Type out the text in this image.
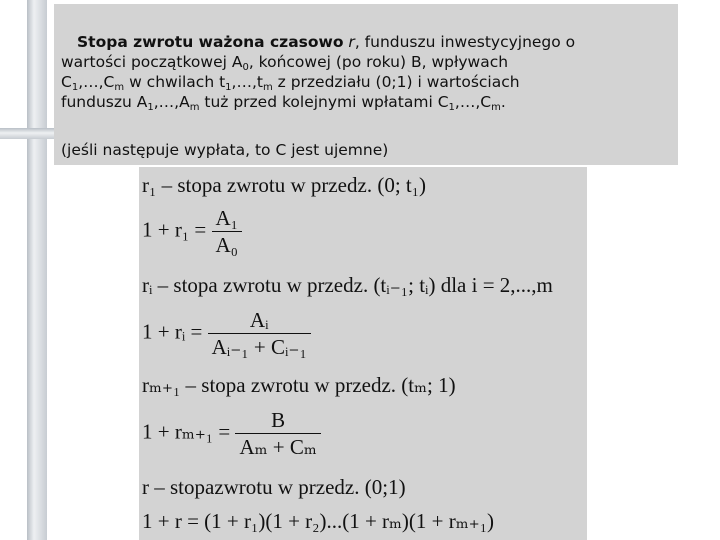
Stopa zwrotu ważona czasowo r, funduszu inwestycyjnego o
wartości początkowej $A_0$, końcowej (po roku) B, wpływach
$C_1,\dots,C_m$ w chwilach $t_1,\dots,t_m$ z przedziału (0;1) i wartościach
funduszu $A_1,\dots,A_m$ tuż przed kolejnymi wpłatami $C_1,\dots,C_m$.
(jeśli następuje wypłata, to C jest ujemne)
r₁ – stopa zwrotu w przedz. (0; t₁)
$1 + r_1 = \frac{\text{A₁}}{\text{A₀}}$
rᵢ – stopa zwrotu w przedz. (tᵢ₋₁; tᵢ) dla i = 2,...,m
1 + rᵢ = $\frac{\text{Aᵢ}}{\text{Aᵢ₋₁ + Cᵢ₋₁}}$
rₘ₊₁ – stopa zwrotu w przedz. (tₘ; 1)
$1 + r_{m+1} = \frac{B}{\text{Aₘ + Cₘ}}$
r – stopazwrotu w przedz. (0;1)
1 + r = (1 + r₁)(1 + r₂)...(1 + rₘ)(1 + rₘ₊₁)
